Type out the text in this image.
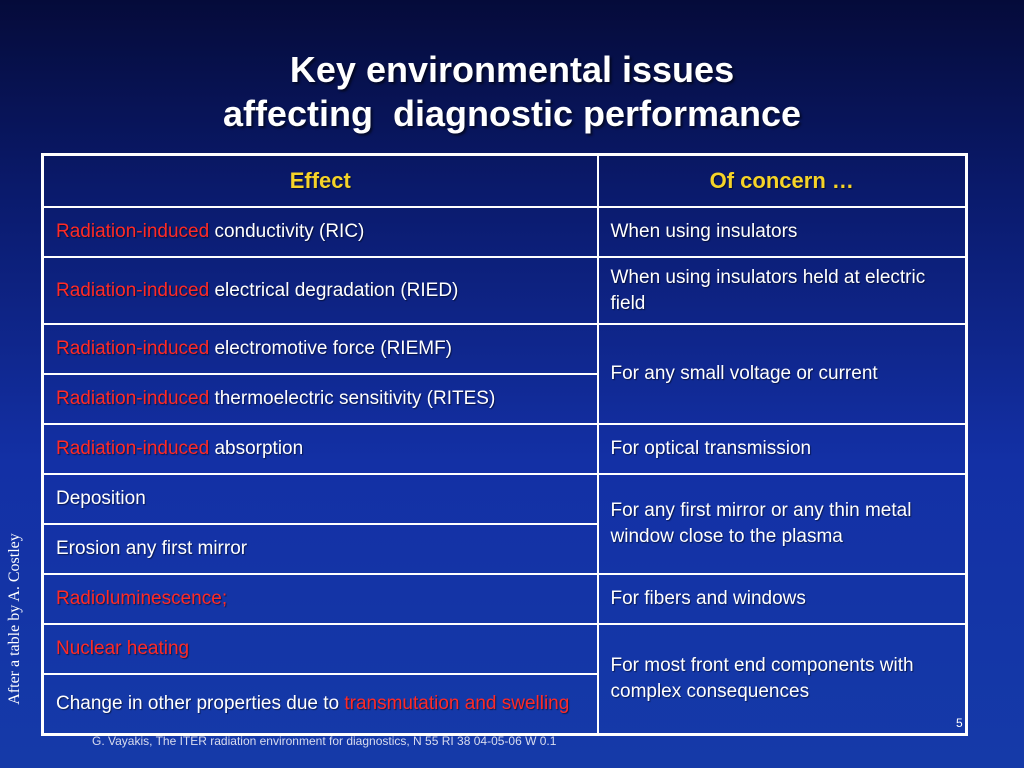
Key environmental issues
affecting  diagnostic performance
After a table by A. Costley
Effect	Of concern …
Radiation-induced conductivity (RIC)	When using insulators
Radiation-induced electrical degradation (RIED)	When using insulators held at electric field
Radiation-induced electromotive force (RIEMF)	For any small voltage or current
Radiation-induced thermoelectric sensitivity (RITES)	
Radiation-induced absorption	For optical transmission
Deposition	For any first mirror or any thin metal window close to the plasma
Erosion any first mirror	
Radioluminescence;	For fibers and windows
Nuclear heating	For most front end components with complex consequences
Change in other properties due to transmutation and swelling	
5
G. Vayakis, The ITER radiation environment for diagnostics, N 55 RI 38 04-05-06 W 0.1
